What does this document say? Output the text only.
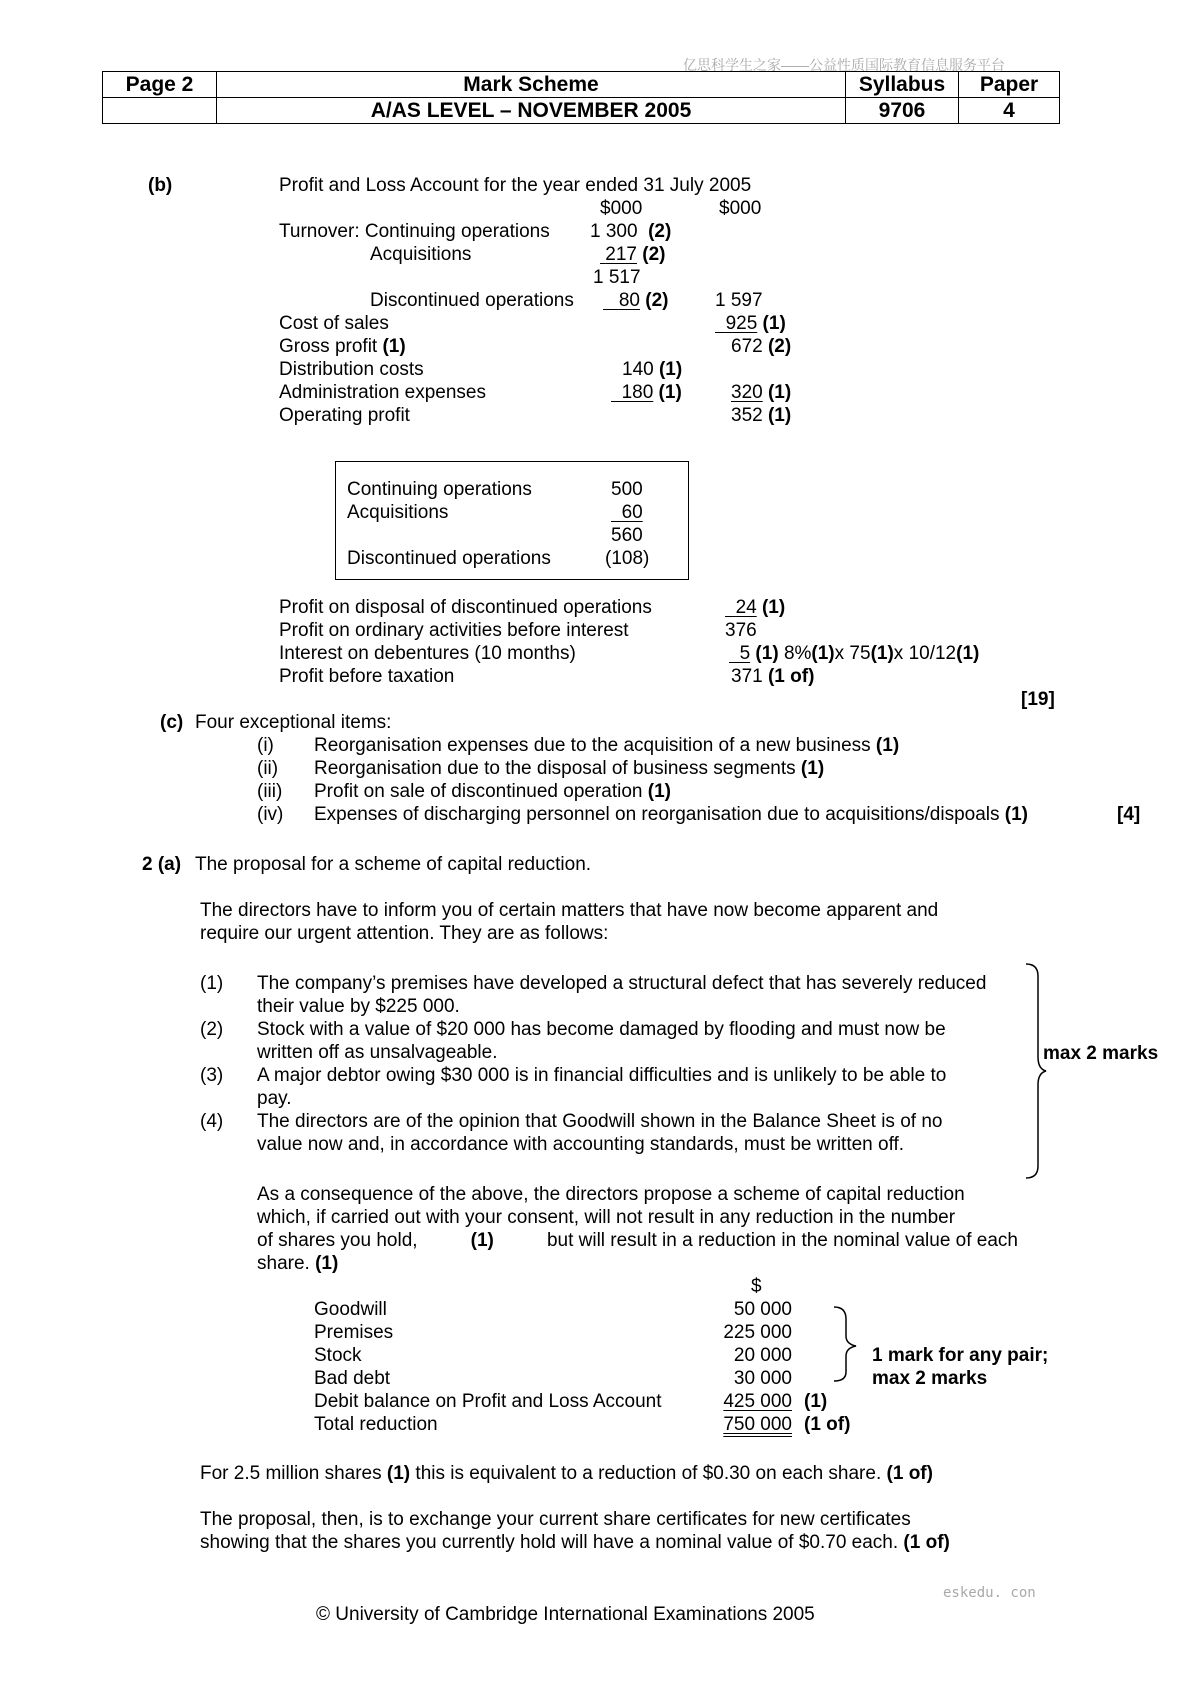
亿思科学生之家——公益性质国际教育信息服务平台
Page 2	Mark Scheme	Syllabus	Paper
	A/AS LEVEL – NOVEMBER 2005	9706	4
(b)	Profit and Loss Account for the year ended 31 July 2005
$000	$000
Turnover: Continuing operations 1 300 (2)
Acquisitions	217 (2)
1 517
Discontinued operations	80 (2) 1 597
Cost of sales	925 (1)
Gross profit (1)	672 (2)
Distribution costs	140 (1)
Administration expenses	180 (1)	320 (1)
Operating profit	352 (1)
Continuing operations	500
Acquisitions	60
560
Discontinued operations	(108)
Profit on disposal of discontinued operations	24 (1)
Profit on ordinary activities before interest	376
Interest on debentures (10 months)	5 (1) 8%(1)x 75(1)x 10/12(1)
Profit before taxation	371 (1 of)
[19]
(c) Four exceptional items:
(i) Reorganisation expenses due to the acquisition of a new business (1)
(ii) Reorganisation due to the disposal of business segments (1)
(iii) Profit on sale of discontinued operation (1)
(iv) Expenses of discharging personnel on reorganisation due to acquisitions/dispoals (1)	[4]
2 (a) The proposal for a scheme of capital reduction.
The directors have to inform you of certain matters that have now become apparent and
require our urgent attention. They are as follows:
(1) The company’s premises have developed a structural defect that has severely reduced
their value by $225 000.
(2) Stock with a value of $20 000 has become damaged by flooding and must now be
written off as unsalvageable.
(3) A major debtor owing $30 000 is in financial difficulties and is unlikely to be able to
pay.
(4) The directors are of the opinion that Goodwill shown in the Balance Sheet is of no
value now and, in accordance with accounting standards, must be written off.
max 2 marks
As a consequence of the above, the directors propose a scheme of capital reduction
which, if carried out with your consent, will not result in any reduction in the number
of shares you hold,	(1)	but will result in a reduction in the nominal value of each
share. (1)
$
Goodwill	50 000
Premises	225 000
Stock	20 000
Bad debt	30 000
1 mark for any pair;
max 2 marks
Debit balance on Profit and Loss Account	425 000 (1)
Total reduction	750 000 (1 of)
For 2.5 million shares (1) this is equivalent to a reduction of $0.30 on each share. (1 of)
The proposal, then, is to exchange your current share certificates for new certificates
showing that the shares you currently hold will have a nominal value of $0.70 each. (1 of)
eskedu. con
© University of Cambridge International Examinations 2005
